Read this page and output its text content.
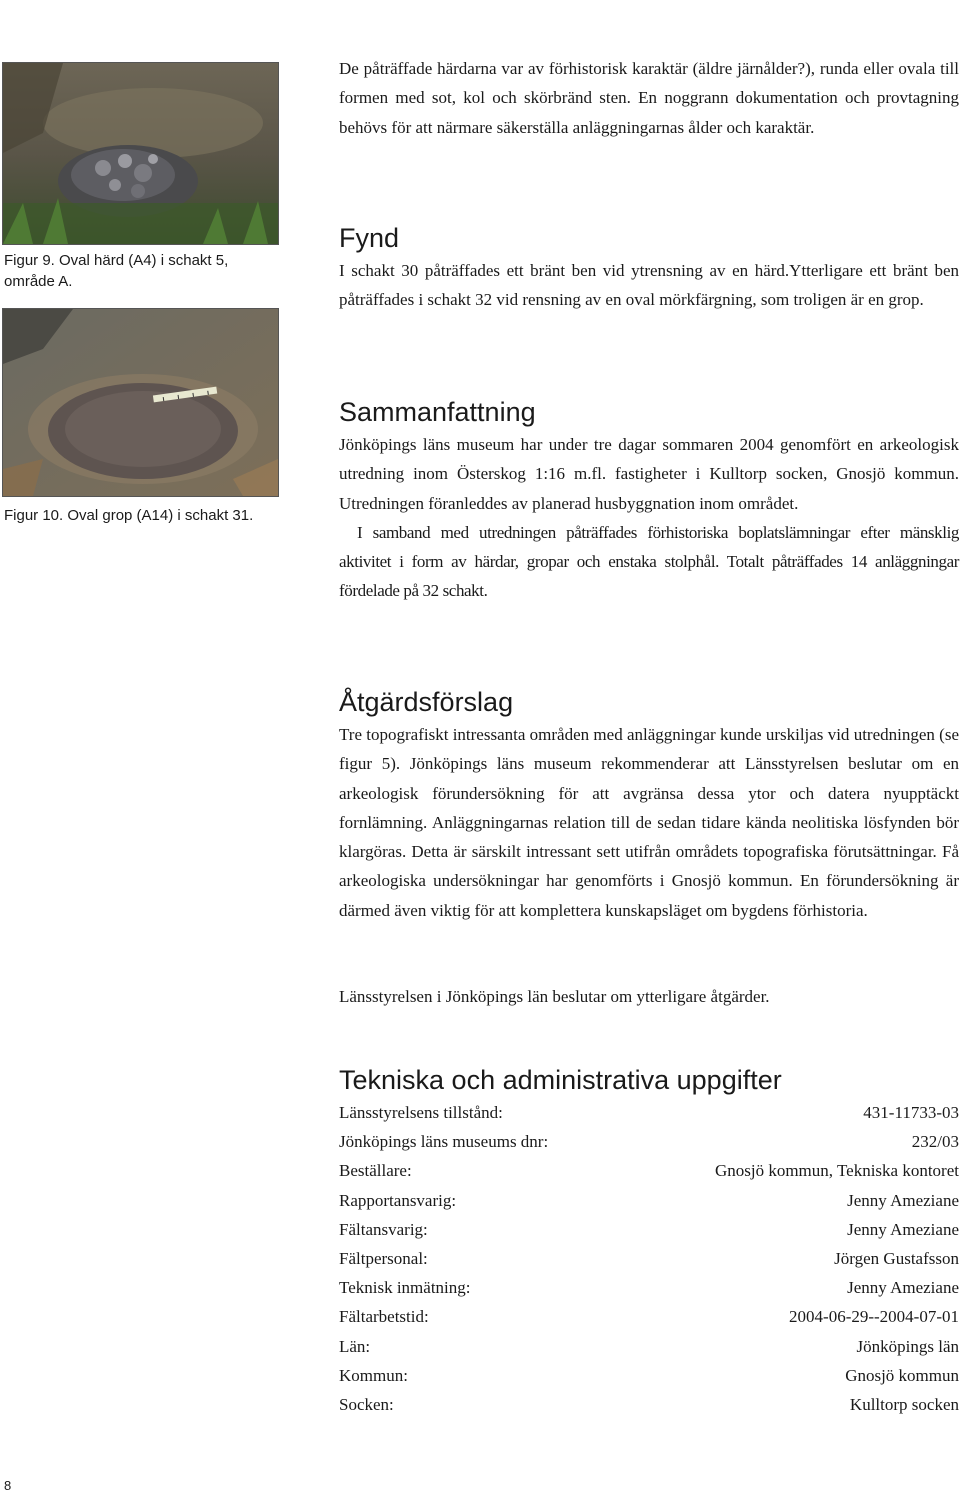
Figur 9. Oval härd (A4) i schakt 5, område A.
Figur 10. Oval grop (A14) i schakt 31.

De påträffade härdarna var av förhistorisk karaktär (äldre järnålder?), runda eller ovala till formen med sot, kol och skörbränd sten. En noggrann dokumentation och provtagning behövs för att närmare säkerställa anläggningarnas ålder och karaktär.

Fynd

I schakt 30 påträffades ett bränt ben vid ytrensning av en härd.Ytterligare ett bränt ben påträffades i schakt 32 vid rensning av en oval mörkfärgning, som troligen är en grop.

Sammanfattning

Jönköpings läns museum har under tre dagar sommaren 2004 genomfört en arkeologisk utredning inom Österskog 1:16 m.fl. fastigheter i Kulltorp socken, Gnosjö kommun. Utredningen föranleddes av planerad husbyggnation inom området.

I samband med utredningen påträffades förhistoriska boplatslämningar efter mänsklig aktivitet i form av härdar, gropar och enstaka stolphål. Totalt påträffades 14 anläggningar fördelade på 32 schakt.

Åtgärdsförslag

Tre topografiskt intressanta områden med anläggningar kunde urskiljas vid utredningen (se figur 5). Jönköpings läns museum rekommenderar att Länsstyrelsen beslutar om en arkeologisk förundersökning för att avgränsa dessa ytor och datera nyupptäckt fornlämning. Anläggningarnas relation till de sedan tidare kända neolitiska lösfynden bör klargöras. Detta är särskilt intressant sett utifrån områdets topografiska förutsättningar. Få arkeologiska undersökningar har genomförts i Gnosjö kommun. En förundersökning är därmed även viktig för att komplettera kunskapsläget om bygdens förhistoria.

Länsstyrelsen i Jönköpings län beslutar om ytterligare åtgärder.

Tekniska och administrativa uppgifter
Länsstyrelsens tillstånd:	431-11733-03
Jönköpings läns museums dnr:	232/03
Beställare:	Gnosjö kommun, Tekniska kontoret
Rapportansvarig:	Jenny Ameziane
Fältansvarig:	Jenny Ameziane
Fältpersonal:	Jörgen Gustafsson
Teknisk inmätning:	Jenny Ameziane
Fältarbetstid:	2004-06-29--2004-07-01
Län:	Jönköpings län
Kommun:	Gnosjö kommun
Socken:	Kulltorp socken
8
